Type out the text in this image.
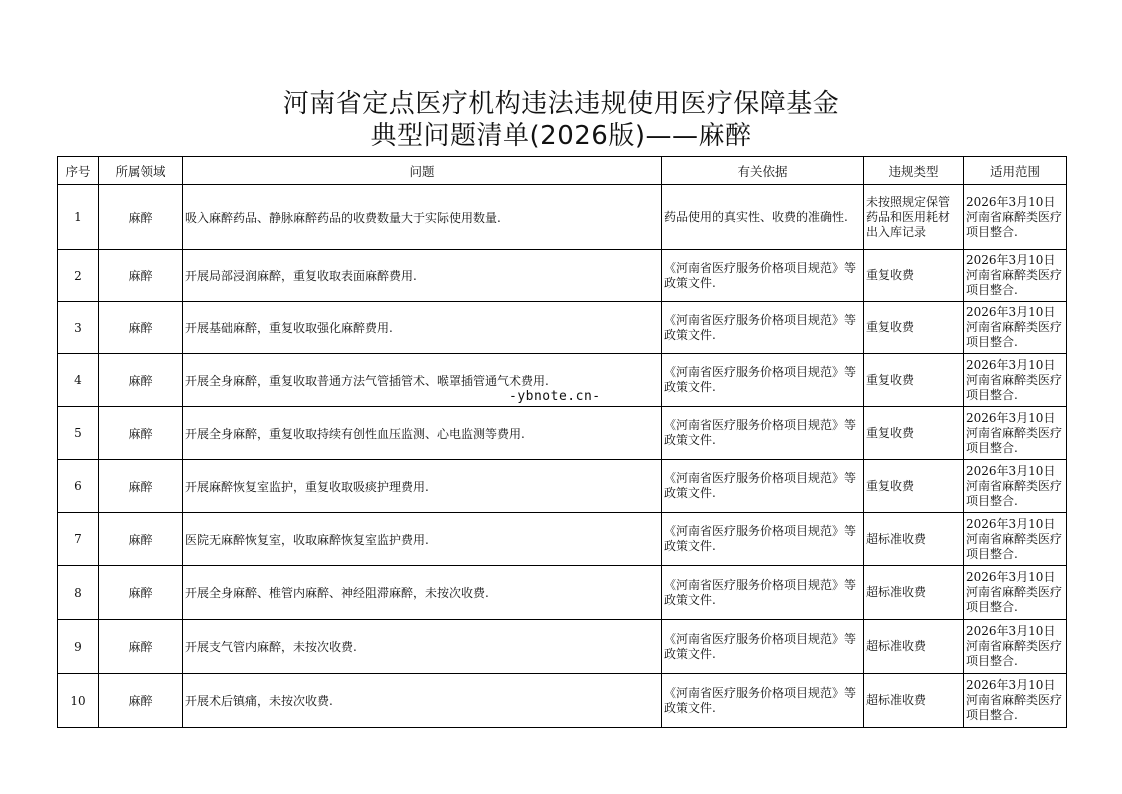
河南省定点医疗机构违法违规使用医疗保障基金
典型问题清单(2026版)——麻醉
序号	所属领域	问题	有关依据	违规类型	适用范围
1	麻醉	吸入麻醉药品、静脉麻醉药品的收费数量大于实际使用数量.	药品使用的真实性、收费的准确性.	未按照规定保管药品和医用耗材出入库记录	2026年3月10日河南省麻醉类医疗项目整合.
2	麻醉	开展局部浸润麻醉，重复收取表面麻醉费用.	《河南省医疗服务价格项目规范》等政策文件.	重复收费	2026年3月10日河南省麻醉类医疗项目整合.
3	麻醉	开展基础麻醉，重复收取强化麻醉费用.	《河南省医疗服务价格项目规范》等政策文件.	重复收费	2026年3月10日河南省麻醉类医疗项目整合.
4	麻醉	开展全身麻醉，重复收取普通方法气管插管术、喉罩插管通气术费用.	《河南省医疗服务价格项目规范》等政策文件.	重复收费	2026年3月10日河南省麻醉类医疗项目整合.
5	麻醉	开展全身麻醉，重复收取持续有创性血压监测、心电监测等费用.	《河南省医疗服务价格项目规范》等政策文件.	重复收费	2026年3月10日河南省麻醉类医疗项目整合.
6	麻醉	开展麻醉恢复室监护，重复收取吸痰护理费用.	《河南省医疗服务价格项目规范》等政策文件.	重复收费	2026年3月10日河南省麻醉类医疗项目整合.
7	麻醉	医院无麻醉恢复室，收取麻醉恢复室监护费用.	《河南省医疗服务价格项目规范》等政策文件.	超标准收费	2026年3月10日河南省麻醉类医疗项目整合.
8	麻醉	开展全身麻醉、椎管内麻醉、神经阻滞麻醉，未按次收费.	《河南省医疗服务价格项目规范》等政策文件.	超标准收费	2026年3月10日河南省麻醉类医疗项目整合.
9	麻醉	开展支气管内麻醉，未按次收费.	《河南省医疗服务价格项目规范》等政策文件.	超标准收费	2026年3月10日河南省麻醉类医疗项目整合.
10	麻醉	开展术后镇痛，未按次收费.	《河南省医疗服务价格项目规范》等政策文件.	超标准收费	2026年3月10日河南省麻醉类医疗项目整合.
-ybnote.cn-
